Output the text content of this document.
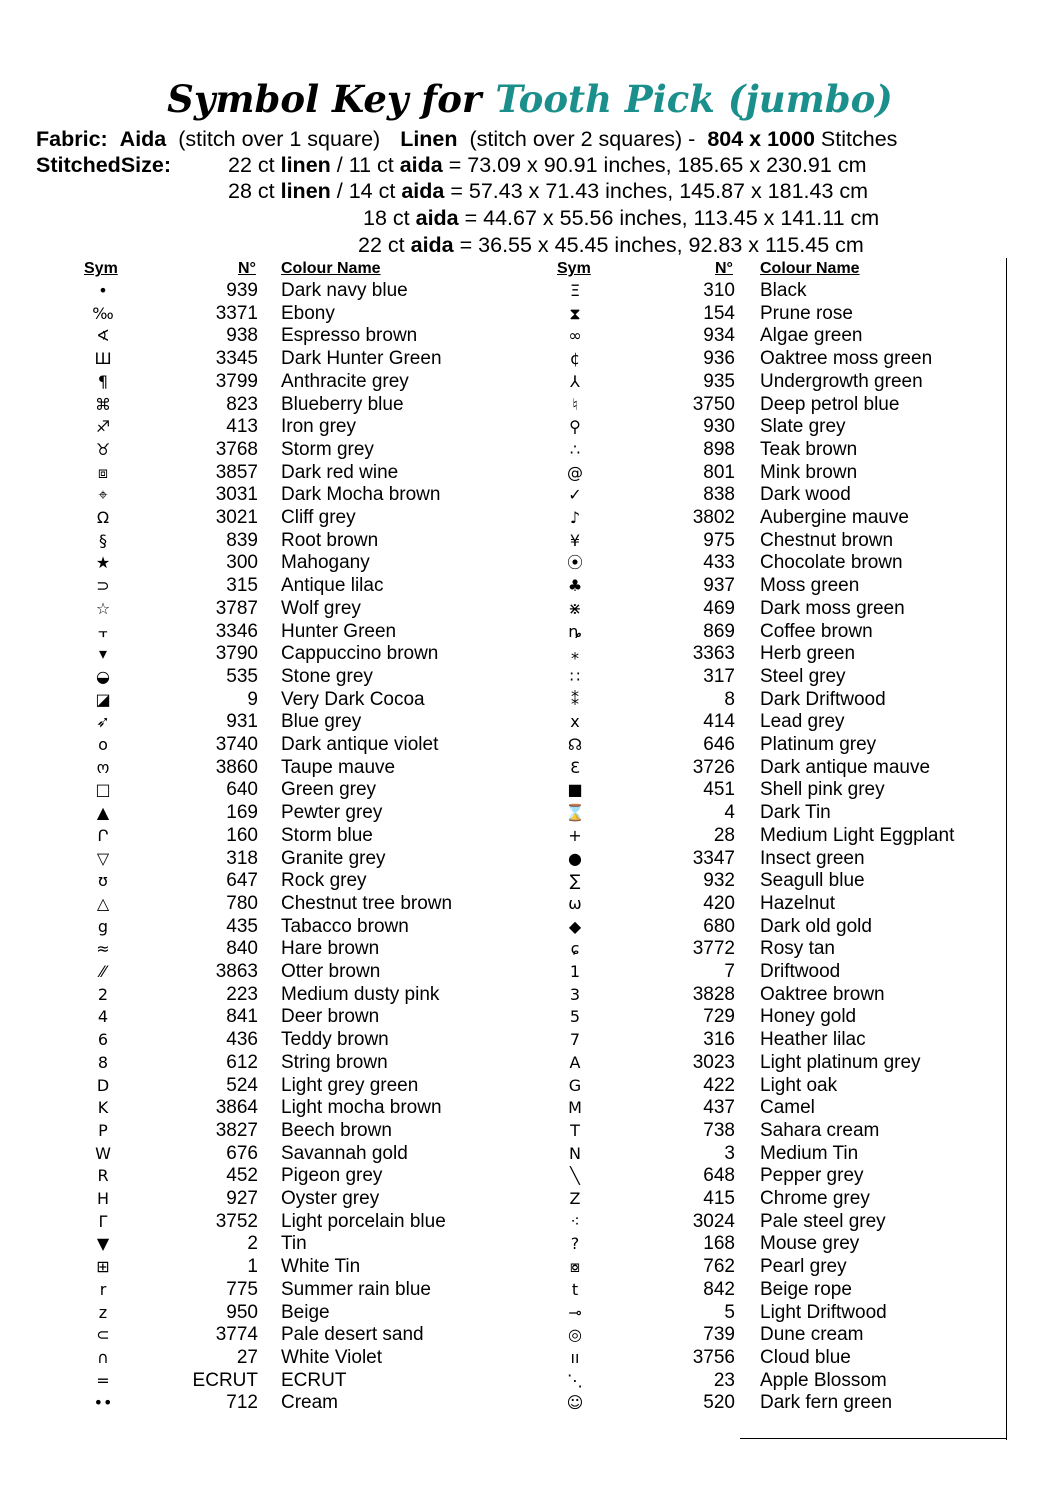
Symbol Key for Tooth Pick (jumbo)
Fabric: Aida (stitch over 1 square) Linen (stitch over 2 squares) - 804 x 1000 Stitches
StitchedSize:	22 ct linen / 11 ct aida = 73.09 x 90.91 inches, 185.65 x 230.91 cm
28 ct linen / 14 ct aida = 57.43 x 71.43 inches, 145.87 x 181.43 cm
18 ct aida = 44.67 x 55.56 inches, 113.45 x 141.11 cm
22 ct aida = 36.55 x 45.45 inches, 92.83 x 115.45 cm
Sym	N° Colour Name
•	939 Dark navy blue
‰	3371 Ebony
∢	938 Espresso brown
Ш	3345 Dark Hunter Green
¶	3799 Anthracite grey
⌘	823 Blueberry blue
♐	413 Iron grey
♉	3768 Storm grey
⧈	3857 Dark red wine
⌖	3031 Dark Mocha brown
Ω	3021 Cliff grey
§	839 Root brown
★	300 Mahogany
⊃	315 Antique lilac
☆	3787 Wolf grey
⫟	3346 Hunter Green
▾	3790 Cappuccino brown
◒	535 Stone grey
◪	9 Very Dark Cocoa
➶	931 Blue grey
o	3740 Dark antique violet
ო	3860 Taupe mauve
□	640 Green grey
▲	169 Pewter grey
Ր	160 Storm blue
▽	318 Granite grey
ʊ	647 Rock grey
△	780 Chestnut tree brown
g	435 Tabacco brown
≈	840 Hare brown
⁄⁄	3863 Otter brown
2	223 Medium dusty pink
4	841 Deer brown
6	436 Teddy brown
8	612 String brown
D	524 Light grey green
K	3864 Light mocha brown
P	3827 Beech brown
W	676 Savannah gold
R	452 Pigeon grey
H	927 Oyster grey
Γ	3752 Light porcelain blue
▼	2 Tin
⊞	1 White Tin
r	775 Summer rain blue
z	950 Beige
⊂	3774 Pale desert sand
∩	27 White Violet
=	ECRUT ECRUT
••	712 Cream
Sym	N° Colour Name
Ξ	310 Black
⧗	154 Prune rose
∞	934 Algae green
¢	936 Oaktree moss green
⅄	935 Undergrowth green
♮	3750 Deep petrol blue
⚲	930 Slate grey
∴	898 Teak brown
@	801 Mink brown
✓	838 Dark wood
♪	3802 Aubergine mauve
¥	975 Chestnut brown
⦿	433 Chocolate brown
♣	937 Moss green
⋇	469 Dark moss green
ȵ	869 Coffee brown
⁎	3363 Herb green
∷	317 Steel grey
⁑	8 Dark Driftwood
x	414 Lead grey
☊	646 Platinum grey
Ɛ	3726 Dark antique mauve
■	451 Shell pink grey
⌛	4 Dark Tin
+	28 Medium Light Eggplant
●	3347 Insect green
∑	932 Seagull blue
ω	420 Hazelnut
◆	680 Dark old gold
ɕ	3772 Rosy tan
1	7 Driftwood
3	3828 Oaktree brown
5	729 Honey gold
7	316 Heather lilac
A	3023 Light platinum grey
G	422 Light oak
M	437 Camel
T	738 Sahara cream
N	3 Medium Tin
╲	648 Pepper grey
Z	415 Chrome grey
⁖	3024 Pale steel grey
?	168 Mouse grey
⧇	762 Pearl grey
t	842 Beige rope
⊸	5 Light Driftwood
◎	739 Dune cream
ıı	3756 Cloud blue
⋱	23 Apple Blossom
☺	520 Dark fern green
